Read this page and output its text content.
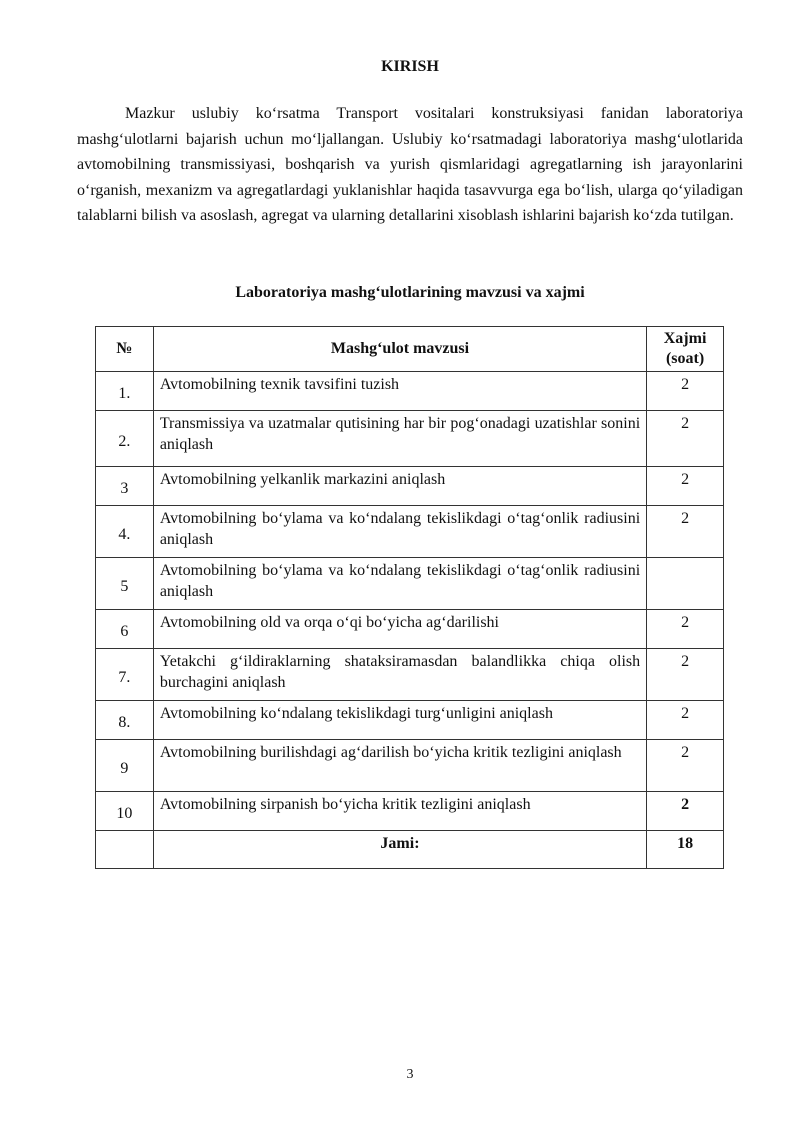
KIRISH

Mazkur uslubiy ko‘rsatma Transport vositalari konstruksiyasi fanidan laboratoriya mashg‘ulotlarni bajarish uchun mo‘ljallangan. Uslubiy ko‘rsatmadagi laboratoriya mashg‘ulotlarida avtomobilning transmissiyasi, boshqarish va yurish qismlaridagi agregatlarning ish jarayonlarini o‘rganish, mexanizm va agregatlardagi yuklanishlar haqida tasavvurga ega bo‘lish, ularga qo‘yiladigan talablarni bilish va asoslash, agregat va ularning detallarini xisoblash ishlarini bajarish ko‘zda tutilgan.

Laboratoriya mashg‘ulotlarining mavzusi va xajmi
№	Mashg‘ulot mavzusi	Xajmi
(soat)
1.	Avtomobilning texnik tavsifini tuzish	2
2.	Transmissiya va uzatmalar qutisining har bir pog‘onadagi uzatishlar sonini aniqlash	2
3	Avtomobilning yelkanlik markazini aniqlash	2
4.	Avtomobilning bo‘ylama va ko‘ndalang tekislikdagi o‘tag‘onlik radiusini aniqlash	2
5	Avtomobilning bo‘ylama va ko‘ndalang tekislikdagi o‘tag‘onlik radiusini aniqlash	
6	Avtomobilning old va orqa o‘qi bo‘yicha ag‘darilishi	2
7.	Yetakchi g‘ildiraklarning shataksiramasdan balandlikka chiqa olish burchagini aniqlash	2
8.	Avtomobilning ko‘ndalang tekislikdagi turg‘unligini aniqlash	2
9	Avtomobilning burilishdagi ag‘darilish bo‘yicha kritik tezligini aniqlash	2
10	Avtomobilning sirpanish bo‘yicha kritik tezligini aniqlash	2
	Jami:	18
3
